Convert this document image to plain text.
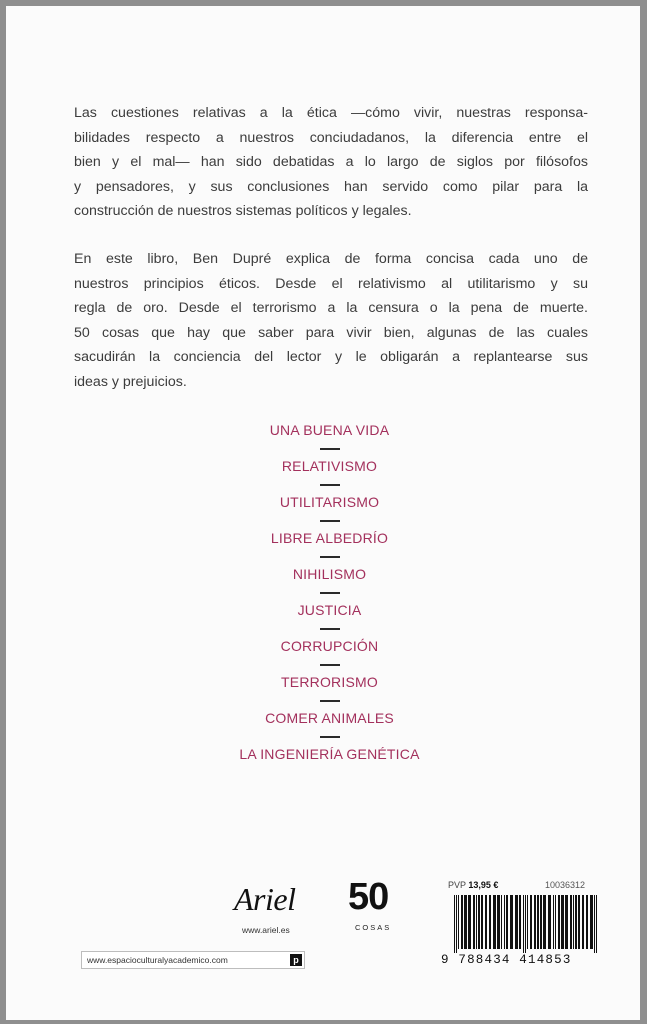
Las cuestiones relativas a la ética —cómo vivir, nuestras responsa-
bilidades respecto a nuestros conciudadanos, la diferencia entre el
bien y el mal— han sido debatidas a lo largo de siglos por filósofos
y pensadores, y sus conclusiones han servido como pilar para la
construcción de nuestros sistemas políticos y legales.

En este libro, Ben Dupré explica de forma concisa cada uno de
nuestros principios éticos. Desde el relativismo al utilitarismo y su
regla de oro. Desde el terrorismo a la censura o la pena de muerte.
50 cosas que hay que saber para vivir bien, algunas de las cuales
sacudirán la conciencia del lector y le obligarán a replantearse sus
ideas y prejuicios.

UNA BUENA VIDA
RELATIVISMO
UTILITARISMO
LIBRE ALBEDRÍO
NIHILISMO
JUSTICIA
CORRUPCIÓN
TERRORISMO
COMER ANIMALES
LA INGENIERÍA GENÉTICA
Ariel
www.ariel.es
50
COSAS
PVP 13,95 €	10036312
9 788434 414853
www.espacioculturalyacademico.com	p
